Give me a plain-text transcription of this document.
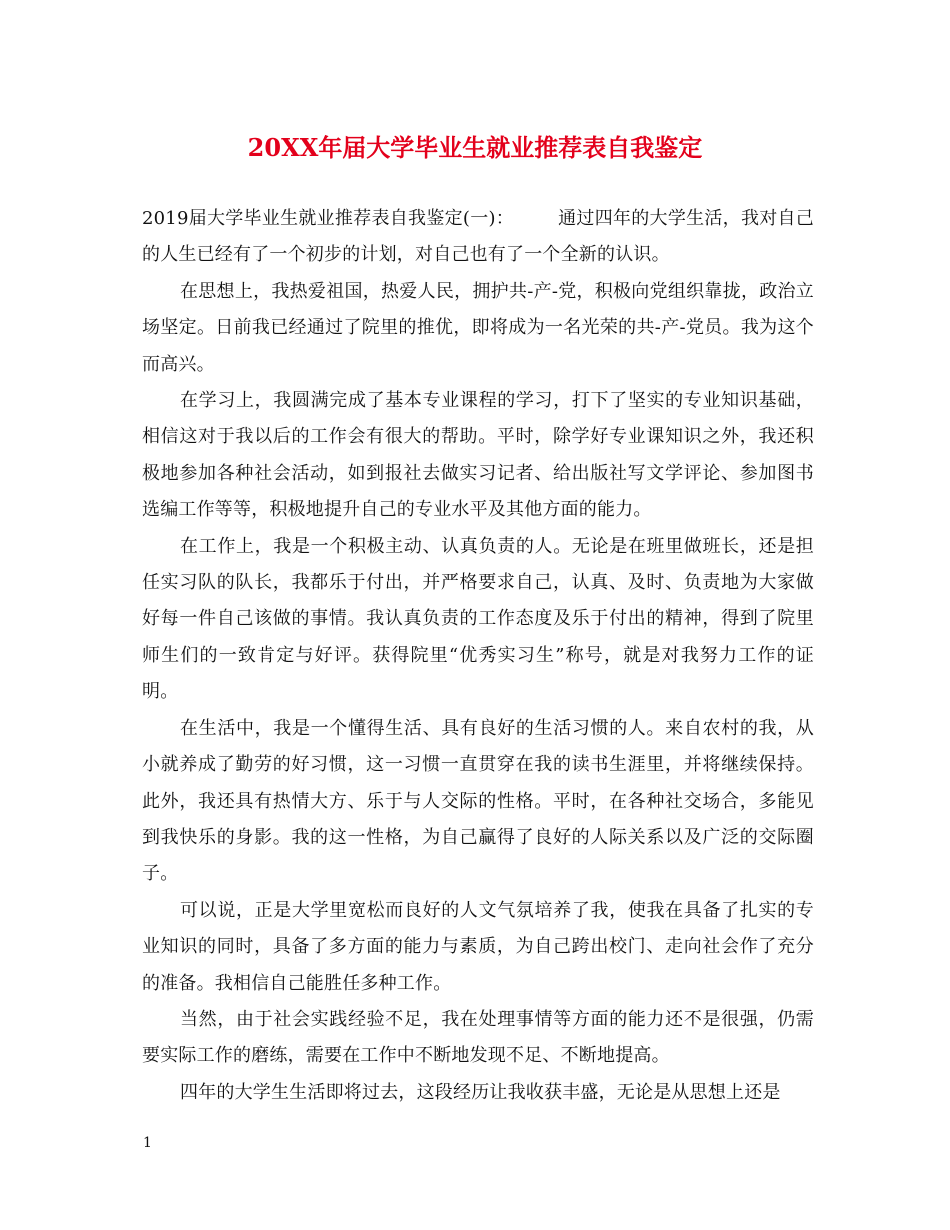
20XX年届大学毕业生就业推荐表自我鉴定

2019届大学毕业生就业推荐表自我鉴定(一)： 通过四年的大学生活，我对自己的人生已经有了一个初步的计划，对自己也有了一个全新的认识。

在思想上，我热爱祖国，热爱人民，拥护共-产-党，积极向党组织靠拢，政治立场坚定。日前我已经通过了院里的推优，即将成为一名光荣的共-产-党员。我为这个而高兴。

在学习上，我圆满完成了基本专业课程的学习，打下了坚实的专业知识基础，相信这对于我以后的工作会有很大的帮助。平时，除学好专业课知识之外，我还积极地参加各种社会活动，如到报社去做实习记者、给出版社写文学评论、参加图书选编工作等等，积极地提升自己的专业水平及其他方面的能力。

在工作上，我是一个积极主动、认真负责的人。无论是在班里做班长，还是担任实习队的队长，我都乐于付出，并严格要求自己，认真、及时、负责地为大家做好每一件自己该做的事情。我认真负责的工作态度及乐于付出的精神，得到了院里师生们的一致肯定与好评。获得院里“优秀实习生”称号，就是对我努力工作的证明。

在生活中，我是一个懂得生活、具有良好的生活习惯的人。来自农村的我，从小就养成了勤劳的好习惯，这一习惯一直贯穿在我的读书生涯里，并将继续保持。此外，我还具有热情大方、乐于与人交际的性格。平时，在各种社交场合，多能见到我快乐的身影。我的这一性格，为自己赢得了良好的人际关系以及广泛的交际圈子。

可以说，正是大学里宽松而良好的人文气氛培养了我，使我在具备了扎实的专业知识的同时，具备了多方面的能力与素质，为自己跨出校门、走向社会作了充分的准备。我相信自己能胜任多种工作。

当然，由于社会实践经验不足，我在处理事情等方面的能力还不是很强，仍需要实际工作的磨练，需要在工作中不断地发现不足、不断地提高。

四年的大学生生活即将过去，这段经历让我收获丰盛，无论是从思想上还是

1
